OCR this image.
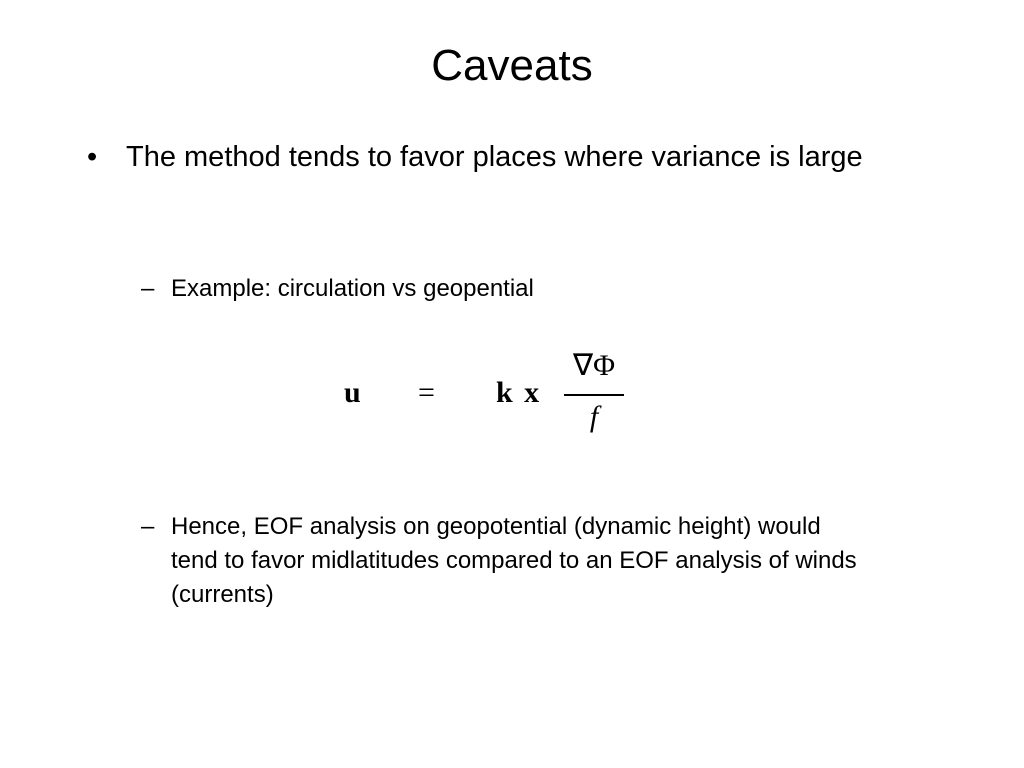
Caveats
• The method tends to favor places where variance is large
– Example: circulation vs geopential
u = k x
∇Φ
f
– Hence, EOF analysis on geopotential (dynamic height) would tend to favor midlatitudes compared to an EOF analysis of winds (currents)
